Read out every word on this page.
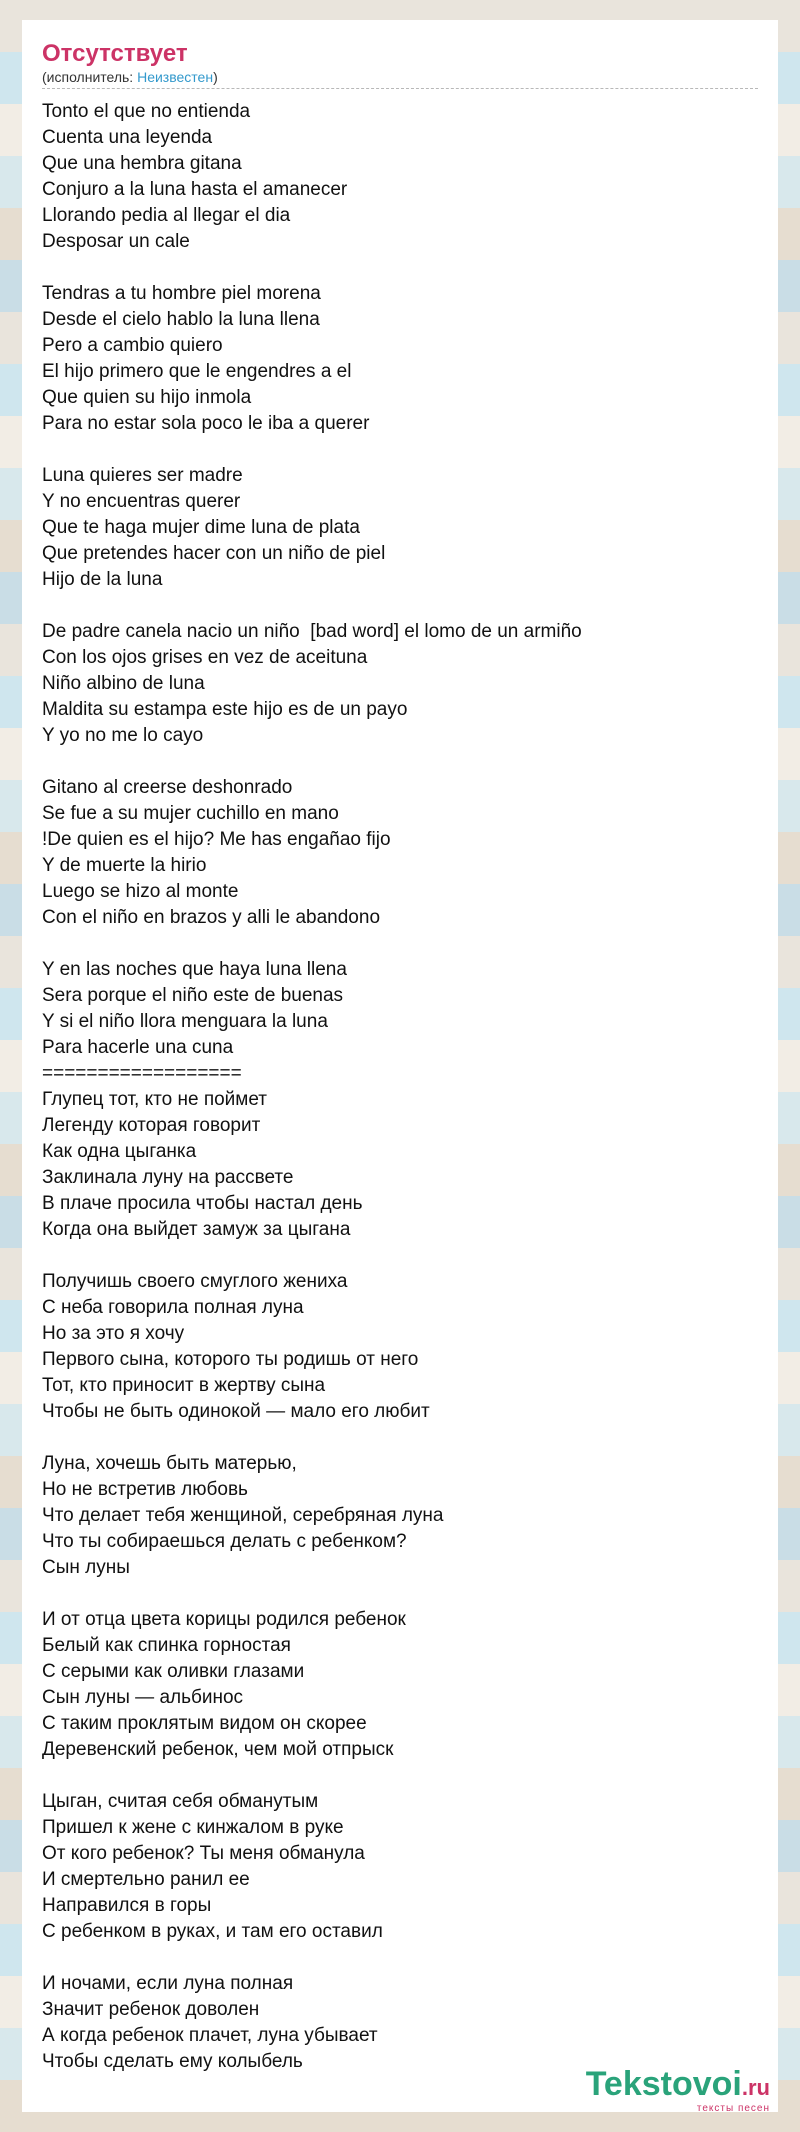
Отсутствует
(исполнитель: Неизвестен)
Tonto el que no entienda
Cuenta una leyenda
Que una hembra gitana
Conjuro a la luna hasta el amanecer
Llorando pedia al llegar el dia
Desposar un cale
Tendras a tu hombre piel morena
Desde el cielo hablo la luna llena
Pero a cambio quiero
El hijo primero que le engendres a el
Que quien su hijo inmola
Para no estar sola poco le iba a querer
Luna quieres ser madre
Y no encuentras querer
Que te haga mujer dime luna de plata
Que pretendes hacer con un niño de piel
Hijo de la luna
De padre canela nacio un niño  [bad word] el lomo de un armiño
Con los ojos grises en vez de aceituna
Niño albino de luna
Maldita su estampa este hijo es de un payo
Y yo no me lo cayo
Gitano al creerse deshonrado
Se fue a su mujer cuchillo en mano
!De quien es el hijo? Me has engañao fijo
Y de muerte la hirio
Luego se hizo al monte
Con el niño en brazos y alli le abandono
Y en las noches que haya luna llena
Sera porque el niño este de buenas
Y si el niño llora menguara la luna
Para hacerle una cuna
==================
Глупец тот, кто не поймет
Легенду которая говорит
Как одна цыганка
Заклинала луну на рассвете
В плаче просила чтобы настал день
Когда она выйдет замуж за цыгана
Получишь своего смуглого жениха
С неба говорила полная луна
Но за это я хочу
Первого сына, которого ты родишь от него
Тот, кто приносит в жертву сына
Чтобы не быть одинокой — мало его любит
Луна, хочешь быть матерью,
Но не встретив любовь
Что делает тебя женщиной, серебряная луна
Что ты собираешься делать с ребенком?
Сын луны
И от отца цвета корицы родился ребенок
Белый как спинка горностая
С серыми как оливки глазами
Сын луны — альбинос
С таким проклятым видом он скорее
Деревенский ребенок, чем мой отпрыск
Цыган, считая себя обманутым
Пришел к жене с кинжалом в руке
От кого ребенок? Ты меня обманула
И смертельно ранил ее
Направился в горы
С ребенком в руках, и там его оставил
И ночами, если луна полная
Значит ребенок доволен
А когда ребенок плачет, луна убывает
Чтобы сделать ему колыбель
Tekstovoi.ru
тексты песен
